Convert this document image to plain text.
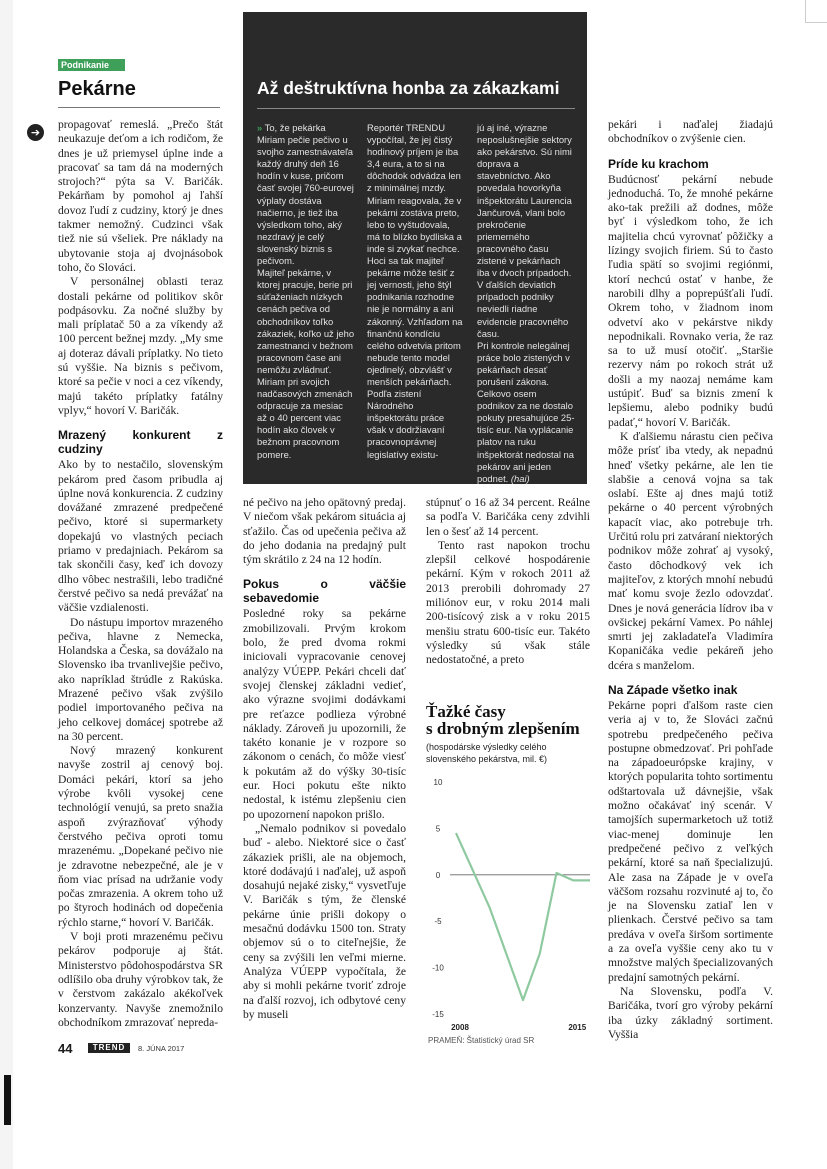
Podnikanie
Pekárne
➔

propagovať remeslá. „Prečo štát neukazuje deťom a ich rodičom, že dnes je už priemysel úplne inde a pracovať sa tam dá na moderných strojoch?“ pýta sa V. Baričák. Pekárňam by pomohol aj ľahší dovoz ľudí z cudziny, ktorý je dnes takmer nemožný. Cudzinci však tiež nie sú všeliek. Pre náklady na ubytovanie stoja aj dvojnásobok toho, čo Slováci.

V personálnej oblasti teraz dostali pekárne od politikov skôr podpásovku. Za nočné služby by mali príplatač 50 a za víkendy až 100 percent bežnej mzdy. „My sme aj doteraz dávali príplatky. No tieto sú vyššie. Na biznis s pečivom, ktoré sa pečie v noci a cez víkendy, majú takéto príplatky fatálny vplyv,“ hovorí V. Baričák.

Mrazený konkurent z cudziny

Ako by to nestačilo, slovenským pekárom pred časom pribudla aj úplne nová konkurencia. Z cudziny dovážané zmrazené predpečené pečivo, ktoré si supermarkety dopekajú vo vlastných peciach priamo v predajniach. Pekárom sa tak skončili časy, keď ich dovozy dlho vôbec nestrašili, lebo tradičné čerstvé pečivo sa nedá prevážať na väčšie vzdialenosti.

Do nástupu importov mrazeného pečiva, hlavne z Nemecka, Holandska a Česka, sa dovážalo na Slovensko iba trvanlivejšie pečivo, ako napríklad štrúdle z Rakúska. Mrazené pečivo však zvýšilo podiel importovaného pečiva na jeho celkovej domácej spotrebe až na 30 percent.

Nový mrazený konkurent navyše zostril aj cenový boj. Domáci pekári, ktorí sa jeho výrobe kvôli vysokej cene technológií venujú, sa preto snažia aspoň zvýrazňovať výhody čerstvého pečiva oproti tomu mrazenému. „Dopekané pečivo nie je zdravotne nebezpečné, ale je v ňom viac prísad na udržanie vody počas zmrazenia. A okrem toho už po štyroch hodinách od dopečenia rýchlo starne,“ hovorí V. Baričák.

V boji proti mrazenému pečivu pekárov podporuje aj štát. Ministerstvo pôdohospodárstva SR odlíšilo oba druhy výrobkov tak, že v čerstvom zakázalo akékoľvek konzervanty. Navyše znemožnilo obchodníkom zmrazovať nepreda-

Až deštruktívna honba za zákazkami

» To, že pekárka Miriam pečie pečivo u svojho zamestnávateľa každý druhý deň 16 hodín v kuse, pričom časť svojej 760-eurovej výplaty dostáva načierno, je tiež iba výsledkom toho, aký nezdravý je celý slovenský biznis s pečivom.

Majiteľ pekárne, v ktorej pracuje, berie pri súťaženiach nízkych cenách pečiva od obchodníkov toľko zákaziek, koľko už jeho zamestnanci v bežnom pracovnom čase ani nemôžu zvládnuť.

Miriam pri svojich nadčasových zmenách odpracuje za mesiac až o 40 percent viac hodín ako človek v bežnom pracovnom pomere.

Reportér TRENDU vypočítal, že jej čistý hodinový príjem je iba 3,4 eura, a to si na dôchodok odvádza len z minimálnej mzdy. Miriam reagovala, že v pekárni zostáva preto, lebo to vyštudovala, má to blízko bydliska a inde si zvykať nechce.

Hoci sa tak majiteľ pekárne môže tešiť z jej vernosti, jeho štýl podnikania rozhodne nie je normálny a ani zákonný. Vzhľadom na finančnú kondíciu celého odvetvia pritom nebude tento model ojedinelý, obzvlášť v menších pekárňach.

Podľa zistení Národného inšpektorátu práce však v dodržiavaní pracovnoprávnej legislatívy existu-

jú aj iné, výrazne neposlušnejšie sektory ako pekárstvo. Sú nimi doprava a stavebníctvo. Ako povedala hovorkyňa inšpektorátu Laurencia Jančurová, vlani bolo prekročenie priemerného pracovného času zistené v pekárňach iba v dvoch prípadoch. V ďalších deviatich prípadoch podniky neviedli riadne evidencie pracovného času.

Pri kontrole nelegálnej práce bolo zistených v pekárňach desať porušení zákona. Celkovo osem podnikov za ne dostalo pokuty presahujúce 25-tisíc eur. Na vyplácanie platov na ruku inšpektorát nedostal na pekárov ani jeden podnet. (hai)

né pečivo na jeho opätovný predaj. V niečom však pekárom situácia aj sťažilo. Čas od upečenia pečiva až do jeho dodania na predajný pult tým skrátilo z 24 na 12 hodín.

Pokus o väčšie sebavedomie

Posledné roky sa pekárne zmobilizovali. Prvým krokom bolo, že pred dvoma rokmi iniciovali vypracovanie cenovej analýzy VÚEPP. Pekári chceli dať svojej členskej základni vedieť, ako výrazne svojimi dodávkami pre reťazce podlieza výrobné náklady. Zároveň ju upozornili, že takéto konanie je v rozpore so zákonom o cenách, čo môže viesť k pokutám až do výšky 30-tisíc eur. Hoci pokutu ešte nikto nedostal, k istému zlepšeniu cien po upozornení napokon prišlo.

„Nemalo podnikov si povedalo buď - alebo. Niektoré sice o časť zákaziek prišli, ale na objemoch, ktoré dodávajú i naďalej, už aspoň dosahujú nejaké zisky,“ vysvetľuje V. Baričák s tým, že členské pekárne únie prišli dokopy o mesačnú dodávku 1500 ton. Straty objemov sú o to citeľnejšie, že ceny sa zvýšili len veľmi mierne. Analýza VÚEPP vypočítala, že aby si mohli pekárne tvoriť zdroje na ďalší rozvoj, ich odbytové ceny by museli

stúpnuť o 16 až 34 percent. Reálne sa podľa V. Baričáka ceny zdvihli len o šesť až 14 percent.

Tento rast napokon trochu zlepšil celkové hospodárenie pekární. Kým v rokoch 2011 až 2013 prerobili dohromady 27 miliónov eur, v roku 2014 mali 200-tisícový zisk a v roku 2015 menšiu stratu 600-tisíc eur. Takéto výsledky sú však stále nedostatočné, a preto

Ťažké časy
s drobným zlepšením
(hospodárske výsledky celého slovenského pekárstva, mil. €)
10
5
0
-5
-10
-15
2008	2015
PRAMEŇ: Štatistický úrad SR

pekári i naďalej žiadajú obchodníkov o zvýšenie cien.

Príde ku krachom

Budúcnosť pekární nebude jednoduchá. To, že mnohé pekárne ako-tak prežili až dodnes, môže byť i výsledkom toho, že ich majitelia chcú vyrovnať pôžičky a lízingy svojich firiem. Sú to často ľudia spätí so svojimi regiónmi, ktorí nechcú ostať v hanbe, že narobili dlhy a poprepúšťali ľudí. Okrem toho, v žiadnom inom odvetví ako v pekárstve nikdy nepodnikali. Rovnako veria, že raz sa to už musí otočiť. „Staršie rezervy nám po rokoch strát už došli a my naozaj nemáme kam ustúpiť. Buď sa biznis zmení k lepšiemu, alebo podniky budú padať,“ hovorí V. Baričák.

K ďalšiemu nárastu cien pečiva môže prísť iba vtedy, ak nepadnú hneď všetky pekárne, ale len tie slabšie a cenová vojna sa tak oslabí. Ešte aj dnes majú totiž pekárne o 40 percent výrobných kapacít viac, ako potrebuje trh. Určitú rolu pri zatváraní niektorých podnikov môže zohrať aj vysoký, často dôchodkový vek ich majiteľov, z ktorých mnohí nebudú mať komu svoje žezlo odovzdať. Dnes je nová generácia lídrov iba v ovšickej pekární Vamex. Po náhlej smrti jej zakladateľa Vladimíra Kopaničáka vedie pekáreň jeho dcéra s manželom.

Na Západe všetko inak

Pekárne popri ďalšom raste cien veria aj v to, že Slováci začnú spotrebu predpečeného pečiva postupne obmedzovať. Pri pohľade na západoeurópske krajiny, v ktorých popularita tohto sortimentu odštartovala už dávnejšie, však možno očakávať iný scenár. V tamojších supermarketoch už totiž viac-menej dominuje len predpečené pečivo z veľkých pekární, ktoré sa naň špecializujú. Ale zasa na Západe je v oveľa väčšom rozsahu rozvinuté aj to, čo je na Slovensku zatiaľ len v plienkach. Čerstvé pečivo sa tam predáva v oveľa širšom sortimente a za oveľa vyššie ceny ako tu v množstve malých špecializovaných predajní samotných pekární.

Na Slovensku, podľa V. Baričáka, tvorí gro výroby pekární iba úzky základný sortiment. Vyššia

44	TREND	8. JÚNA 2017
